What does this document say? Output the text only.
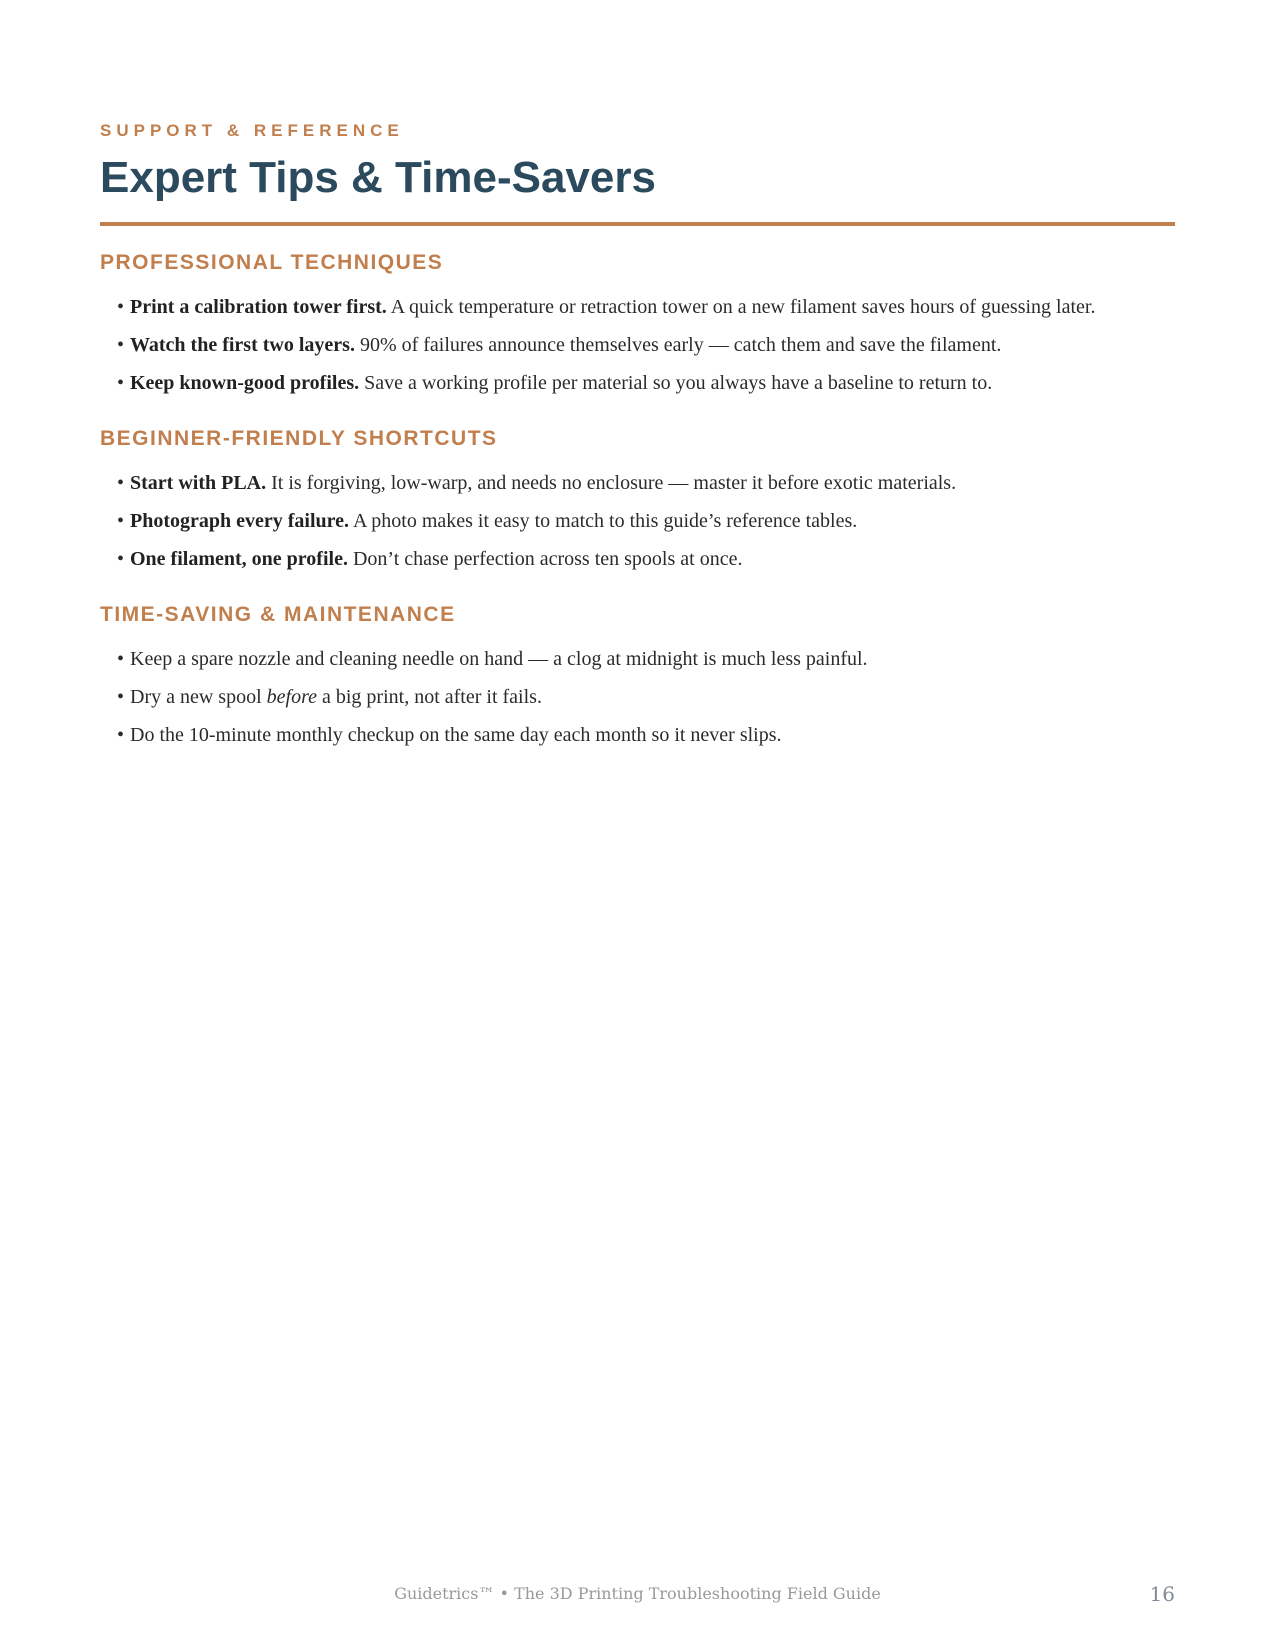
SUPPORT & REFERENCE
Expert Tips & Time-Savers
PROFESSIONAL TECHNIQUES
• Print a calibration tower first. A quick temperature or retraction tower on a new filament saves hours of guessing later.
• Watch the first two layers. 90% of failures announce themselves early — catch them and save the filament.
• Keep known-good profiles. Save a working profile per material so you always have a baseline to return to.
BEGINNER-FRIENDLY SHORTCUTS
• Start with PLA. It is forgiving, low-warp, and needs no enclosure — master it before exotic materials.
• Photograph every failure. A photo makes it easy to match to this guide’s reference tables.
• One filament, one profile. Don’t chase perfection across ten spools at once.
TIME-SAVING & MAINTENANCE
• Keep a spare nozzle and cleaning needle on hand — a clog at midnight is much less painful.
• Dry a new spool before a big print, not after it fails.
• Do the 10-minute monthly checkup on the same day each month so it never slips.
Guidetrics™ • The 3D Printing Troubleshooting Field Guide	16
